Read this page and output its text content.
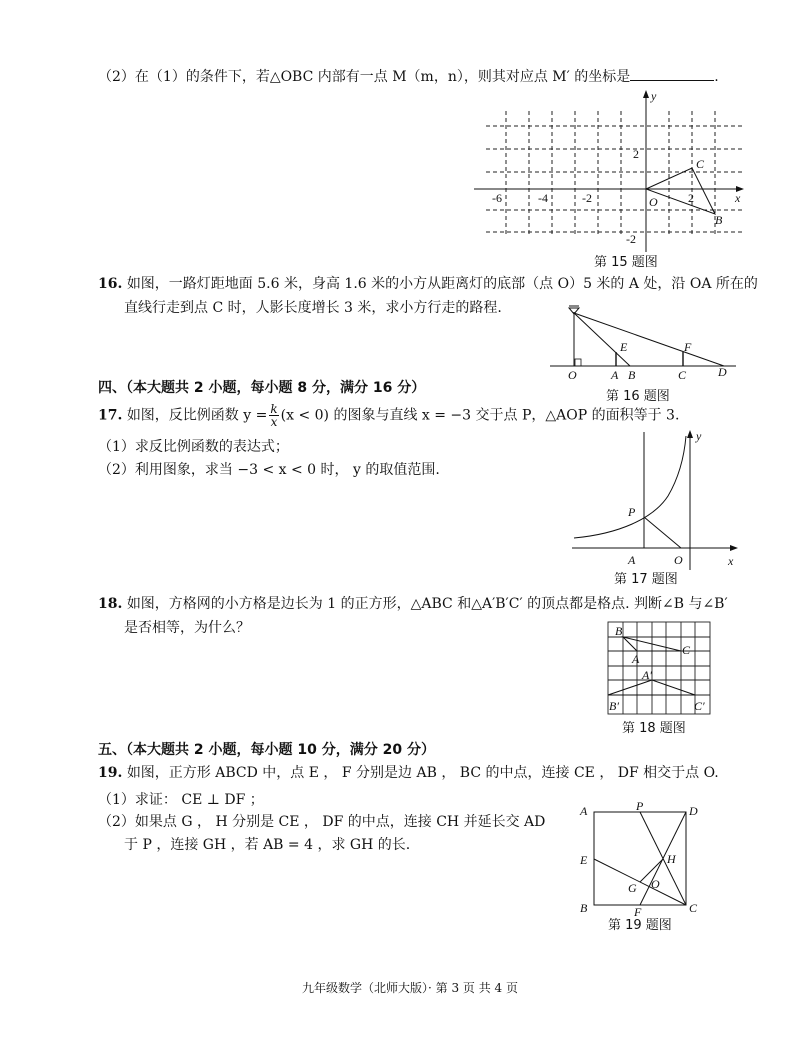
（2）在（1）的条件下，若△OBC 内部有一点 M（m，n），则其对应点 M′ 的坐标是	.
y
x
O
C
B
-6	-4	-2	2
2
-2
第 15 题图
16. 如图，一路灯距地面 5.6 米，身高 1.6 米的小方从距离灯的底部（点 O）5 米的 A 处，沿 OA 所在的
直线行走到点 C 时，人影长度增长 3 米，求小方行走的路程.
O	A B	C	D
E	F
第 16 题图
四、（本大题共 2 小题，每小题 8 分，满分 16 分）
17. 如图，反比例函数 $y = \frac{k}{x} (x < 0)$ 的图象与直线 x = −3 交于点 P，△AOP 的面积等于 3.
（1）求反比例函数的表达式；
（2）利用图象，求当 −3 < x < 0 时， y 的取值范围.
y
x
P
A	O
第 17 题图
18. 如图，方格网的小方格是边长为 1 的正方形，△ABC 和△A′B′C′ 的顶点都是格点. 判断∠B 与∠B′
是否相等，为什么？	B
A
C
A′
B′	C′
第 18 题图
五、（本大题共 2 小题，每小题 10 分，满分 20 分）
19. 如图，正方形 ABCD 中，点 E ， F 分别是边 AB ， BC 的中点，连接 CE ， DF 相交于点 O.
（1）求证： CE ⊥ DF ；
（2）如果点 G ， H 分别是 CE ， DF 的中点，连接 CH 并延长交 AD
于 P ，连接 GH ，若 AB = 4 ，求 GH 的长.
A	P	D
E	H
G O
B	F	C
第 19 题图
九年级数学（北师大版）· 第 3 页 共 4 页
